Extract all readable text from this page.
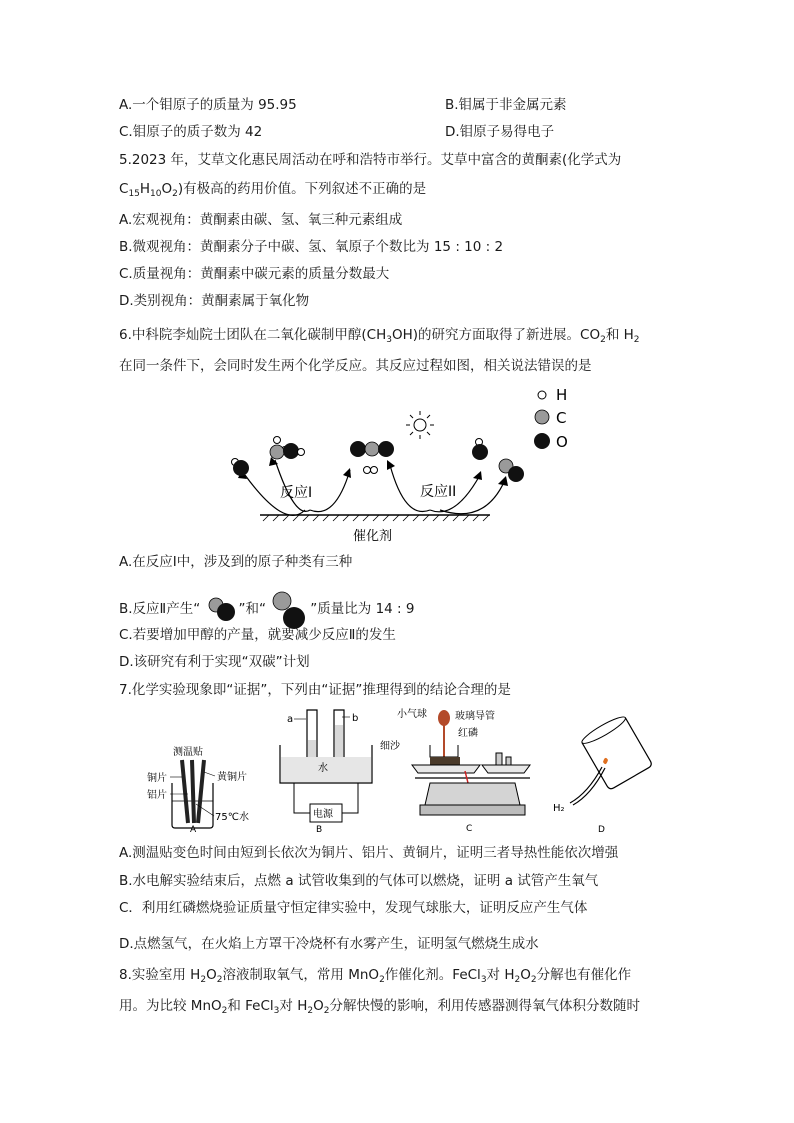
A.一个钼原子的质量为 95.95	B.钼属于非金属元素
C.钼原子的质子数为 42	D.钼原子易得电子
5.2023 年，艾草文化惠民周活动在呼和浩特市举行。艾草中富含的黄酮素(化学式为
$C_{15}H_{10}O_2$)有极高的药用价值。下列叙述不正确的是
A.宏观视角：黄酮素由碳、氢、氧三种元素组成
B.微观视角：黄酮素分子中碳、氢、氧原子个数比为 15 : 10 : 2
C.质量视角：黄酮素中碳元素的质量分数最大
D.类别视角：黄酮素属于氧化物
6.中科院李灿院士团队在二氧化碳制甲醇$(CH_3OH)$的研究方面取得了新进展。$CO_2$和 $H_2$
在同一条件下，会同时发生两个化学反应。其反应过程如图，相关说法错误的是
H
C
O
反应I	反应II
催化剂
A.在反应Ⅰ中，涉及到的原子种类有三种
B.反应Ⅱ产生“	”和“	”质量比为 14 : 9
C.若要增加甲醇的产量，就要减少反应Ⅱ的发生
D.该研究有利于实现“双碳”计划
7.化学实验现象即“证据”，下列由“证据”推理得到的结论合理的是
测温贴
铜片
铝片
黄铜片
75℃水
A
a	b
水
电源
B
小气球	玻璃导管
红磷
细沙
C
H₂
D
A.测温贴变色时间由短到长依次为铜片、铝片、黄铜片，证明三者导热性能依次增强
B.水电解实验结束后，点燃 a 试管收集到的气体可以燃烧，证明 a 试管产生氧气
C．利用红磷燃烧验证质量守恒定律实验中，发现气球胀大，证明反应产生气体
D.点燃氢气，在火焰上方罩干冷烧杯有水雾产生，证明氢气燃烧生成水
8.实验室用 $H_2O_2$溶液制取氧气，常用 MnO$_2$作催化剂。FeCl$_3$对 $H_2O_2$分解也有催化作
用。为比较 MnO$_2$和 FeCl$_3$对 $H_2O_2$分解快慢的影响，利用传感器测得氧气体积分数随时
